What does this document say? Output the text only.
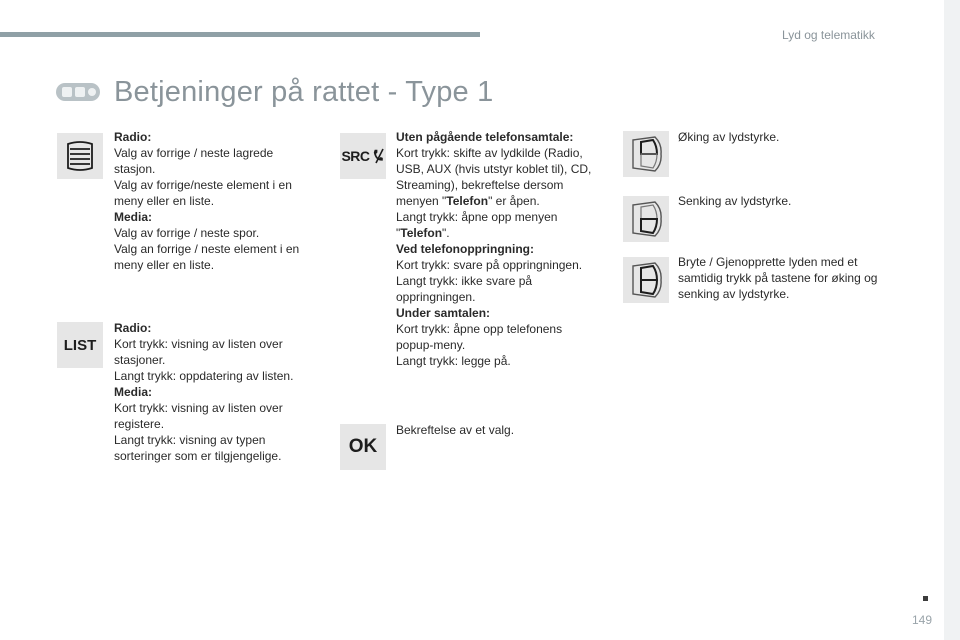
Lyd og telematikk
Betjeninger på rattet - Type 1

Radio:

Valg av forrige / neste lagrede stasjon.

Valg av forrige/neste element i en meny eller en liste.

Media:

Valg av forrige / neste spor.

Valg an forrige / neste element i en meny eller en liste.

LIST

Radio:

Kort trykk: visning av listen over stasjoner.

Langt trykk: oppdatering av listen.

Media:

Kort trykk: visning av listen over registere.

Langt trykk: visning av typen sorteringer som er tilgjengelige.

SRC

Uten pågående telefonsamtale:

Kort trykk: skifte av lydkilde (Radio, USB, AUX (hvis utstyr koblet til), CD, Streaming), bekreftelse dersom menyen "Telefon" er åpen.

Langt trykk: åpne opp menyen "Telefon".

Ved telefonoppringning:

Kort trykk: svare på oppringningen.

Langt trykk: ikke svare på oppringningen.

Under samtalen:

Kort trykk: åpne opp telefonens popup-meny.

Langt trykk: legge på.

OK
Bekreftelse av et valg.
Øking av lydstyrke.
Senking av lydstyrke.
Bryte / Gjenopprette lyden med et samtidig trykk på tastene for øking og senking av lydstyrke.
149
